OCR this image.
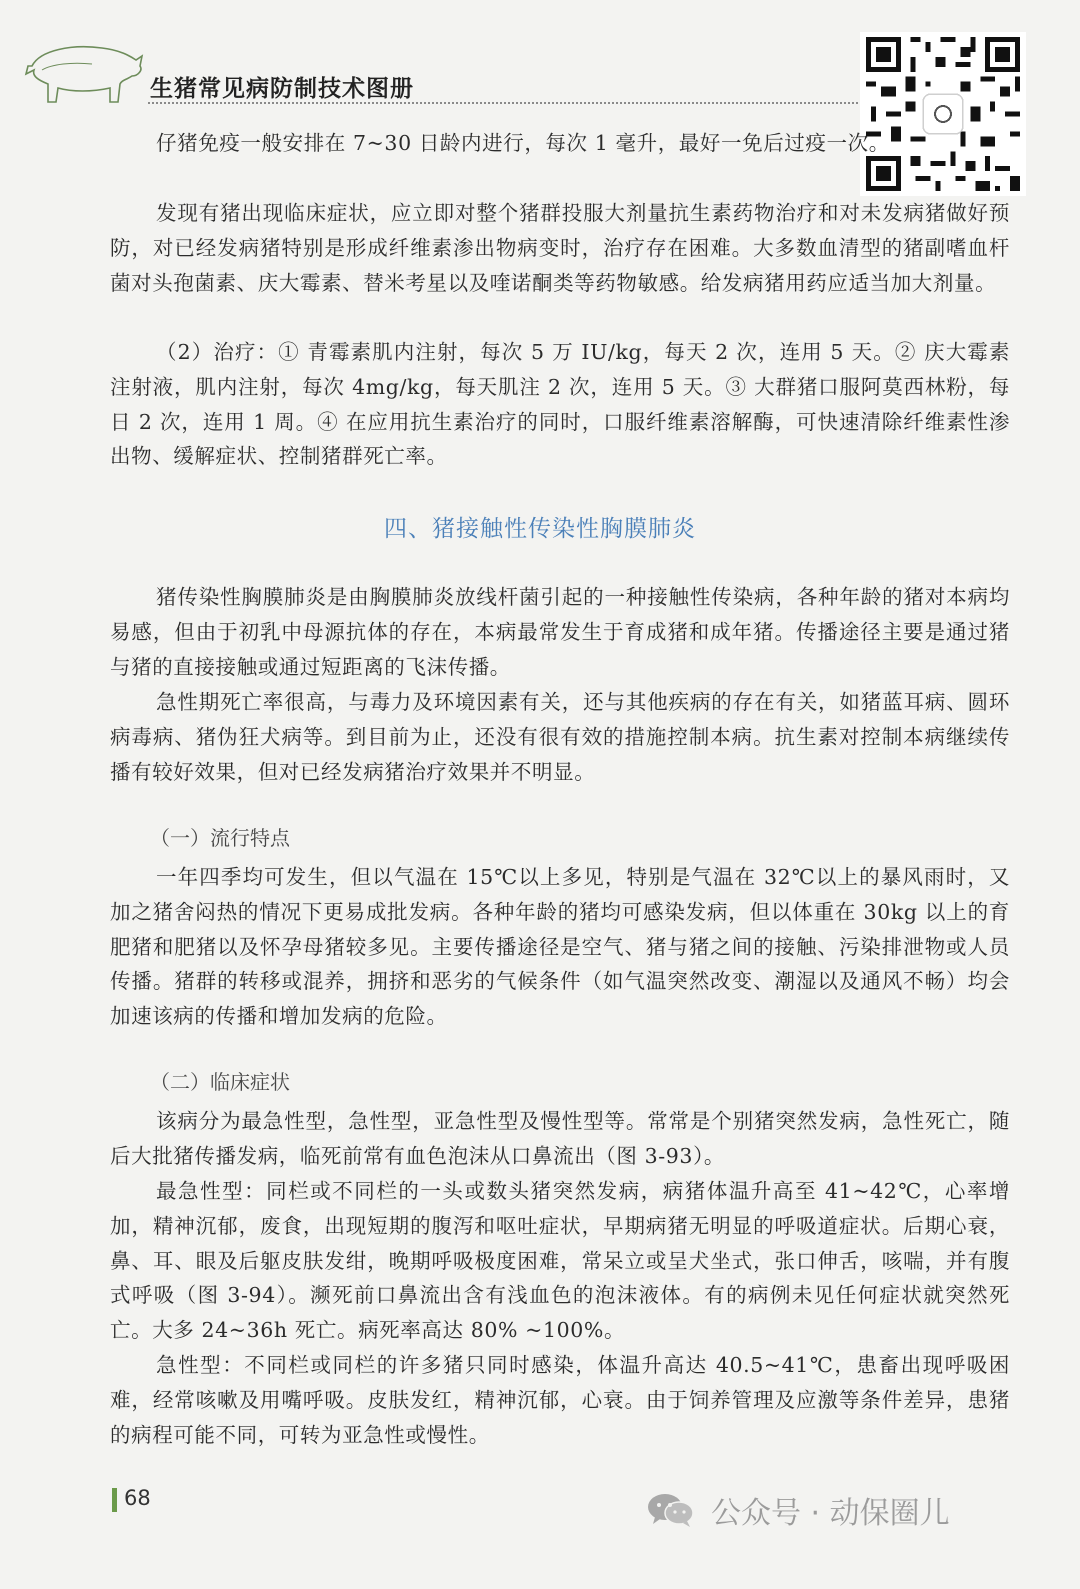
生猪常见病防制技术图册

仔猪免疫一般安排在 7~30 日龄内进行，每次 1 毫升，最好一免后过疫一次。

发现有猪出现临床症状，应立即对整个猪群投服大剂量抗生素药物治疗和对未发病猪做好预防，对已经发病猪特别是形成纤维素渗出物病变时，治疗存在困难。大多数血清型的猪副嗜血杆菌对头孢菌素、庆大霉素、替米考星以及喹诺酮类等药物敏感。给发病猪用药应适当加大剂量。

（2）治疗：① 青霉素肌内注射，每次 5 万 IU/kg，每天 2 次，连用 5 天。② 庆大霉素注射液，肌内注射，每次 4mg/kg，每天肌注 2 次，连用 5 天。③ 大群猪口服阿莫西林粉，每日 2 次，连用 1 周。④ 在应用抗生素治疗的同时，口服纤维素溶解酶，可快速清除纤维素性渗出物、缓解症状、控制猪群死亡率。

四、猪接触性传染性胸膜肺炎

猪传染性胸膜肺炎是由胸膜肺炎放线杆菌引起的一种接触性传染病，各种年龄的猪对本病均易感，但由于初乳中母源抗体的存在，本病最常发生于育成猪和成年猪。传播途径主要是通过猪与猪的直接接触或通过短距离的飞沫传播。

急性期死亡率很高，与毒力及环境因素有关，还与其他疾病的存在有关，如猪蓝耳病、圆环病毒病、猪伪狂犬病等。到目前为止，还没有很有效的措施控制本病。抗生素对控制本病继续传播有较好效果，但对已经发病猪治疗效果并不明显。

（一）流行特点

一年四季均可发生，但以气温在 15℃以上多见，特别是气温在 32℃以上的暴风雨时，又加之猪舍闷热的情况下更易成批发病。各种年龄的猪均可感染发病，但以体重在 30kg 以上的育肥猪和肥猪以及怀孕母猪较多见。主要传播途径是空气、猪与猪之间的接触、污染排泄物或人员传播。猪群的转移或混养，拥挤和恶劣的气候条件（如气温突然改变、潮湿以及通风不畅）均会加速该病的传播和增加发病的危险。

（二）临床症状

该病分为最急性型，急性型，亚急性型及慢性型等。常常是个别猪突然发病，急性死亡，随后大批猪传播发病，临死前常有血色泡沫从口鼻流出（图 3-93）。

最急性型：同栏或不同栏的一头或数头猪突然发病，病猪体温升高至 41~42℃，心率增加，精神沉郁，废食，出现短期的腹泻和呕吐症状，早期病猪无明显的呼吸道症状。后期心衰，鼻、耳、眼及后躯皮肤发绀，晚期呼吸极度困难，常呆立或呈犬坐式，张口伸舌，咳喘，并有腹式呼吸（图 3-94）。濒死前口鼻流出含有浅血色的泡沫液体。有的病例未见任何症状就突然死亡。大多 24~36h 死亡。病死率高达 80% ~100%。

急性型：不同栏或同栏的许多猪只同时感染，体温升高达 40.5~41℃，患畜出现呼吸困难，经常咳嗽及用嘴呼吸。皮肤发红，精神沉郁，心衰。由于饲养管理及应激等条件差异，患猪的病程可能不同，可转为亚急性或慢性。

68	公众号 · 动保圈儿
